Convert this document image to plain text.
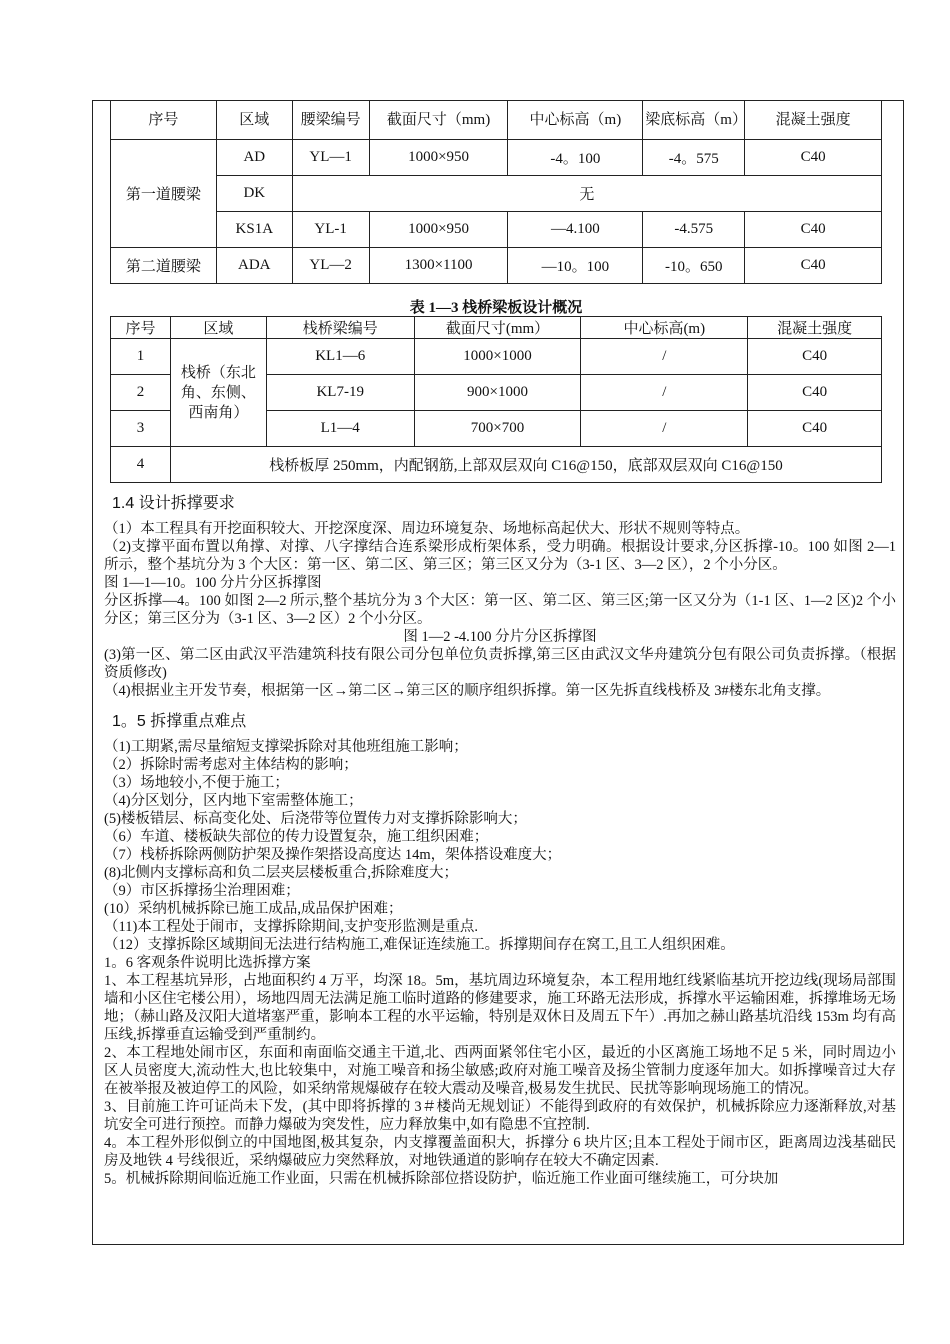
序号	区域	腰梁编号	截面尺寸（mm)	中心标高（m)	梁底标高（m）	混凝土强度
第一道腰梁	AD	YL—1	1000×950	-4。100	-4。575	C40
	DK	无				
	KS1A	YL-1	1000×950	—4.100	-4.575	C40
第二道腰梁	ADA	YL—2	1300×1100	—10。100	-10。650	C40
表 1—3 栈桥梁板设计概况
序号	区域	栈桥梁编号	截面尺寸(mm）	中心标高(m)	混凝土强度
1	栈桥（东北角、东侧、西南角）	KL1—6	1000×1000	/	C40
2		KL7-19	900×1000	/	C40
3		L1—4	700×700	/	C40
4	栈桥板厚 250mm，内配钢筋,上部双层双向 C16@150，底部双层双向 C16@150				

1.4 设计拆撑要求

（1）本工程具有开挖面积较大、开挖深度深、周边环境复杂、场地标高起伏大、形状不规则等特点。

（2)支撑平面布置以角撑、对撑、八字撑结合连系梁形成桁架体系，受力明确。根据设计要求,分区拆撑-10。100 如图 2—1 所示，整个基坑分为 3 个大区：第一区、第二区、第三区；第三区又分为（3-1 区、3—2 区），2 个小分区。

图 1—1—10。100 分片分区拆撑图

分区拆撑—4。100 如图 2—2 所示,整个基坑分为 3 个大区：第一区、第二区、第三区;第一区又分为（1-1 区、1—2 区)2 个小分区；第三区分为（3-1 区、3—2 区）2 个小分区。

图 1—2 -4.100 分片分区拆撑图

(3)第一区、第二区由武汉平浩建筑科技有限公司分包单位负责拆撑,第三区由武汉文华舟建筑分包有限公司负责拆撑。（根据资质修改)

（4)根据业主开发节奏，根据第一区→第二区→第三区的顺序组织拆撑。第一区先拆直线栈桥及 3#楼东北角支撑。

1。5 拆撑重点难点

（1)工期紧,需尽量缩短支撑梁拆除对其他班组施工影响；

（2）拆除时需考虑对主体结构的影响；

（3）场地较小,不便于施工；

（4)分区划分，区内地下室需整体施工；

(5)楼板错层、标高变化处、后浇带等位置传力对支撑拆除影响大；

（6）车道、楼板缺失部位的传力设置复杂，施工组织困难；

（7）栈桥拆除两侧防护架及操作架搭设高度达 14m，架体搭设难度大；

(8)北侧内支撑标高和负二层夹层楼板重合,拆除难度大；

（9）市区拆撑扬尘治理困难；

(10）采纳机械拆除已施工成品,成品保护困难；

（11)本工程处于闹市，支撑拆除期间,支护变形监测是重点.

（12）支撑拆除区域期间无法进行结构施工,难保证连续施工。拆撑期间存在窝工,且工人组织困难。

1。6 客观条件说明比选拆撑方案

1、本工程基坑异形，占地面积约 4 万平，均深 18。5m，基坑周边环境复杂，本工程用地红线紧临基坑开挖边线(现场局部围墙和小区住宅楼公用），场地四周无法满足施工临时道路的修建要求，施工环路无法形成，拆撑水平运输困难，拆撑堆场无场地；（赫山路及汉阳大道堵塞严重，影响本工程的水平运输，特别是双休日及周五下午）.再加之赫山路基坑沿线 153m 均有高压线,拆撑垂直运输受到严重制约。

2、本工程地处闹市区，东面和南面临交通主干道,北、西两面紧邻住宅小区，最近的小区离施工场地不足 5 米，同时周边小区人员密度大,流动性大,也比较集中，对施工噪音和扬尘敏感;政府对施工噪音及扬尘管制力度逐年加大。如拆撑噪音过大存在被举报及被迫停工的风险，如采纳常规爆破存在较大震动及噪音,极易发生扰民、民扰等影响现场施工的情况。

3、目前施工许可证尚未下发，(其中即将拆撑的 3＃楼尚无规划证）不能得到政府的有效保护，机械拆除应力逐渐释放,对基坑安全可进行预控。而静力爆破为突发性，应力释放集中,如有隐患不宜控制.

4。本工程外形似倒立的中国地图,极其复杂，内支撑覆盖面积大，拆撑分 6 块片区;且本工程处于闹市区，距离周边浅基础民房及地铁 4 号线很近，采纳爆破应力突然释放，对地铁通道的影响存在较大不确定因素.

5。机械拆除期间临近施工作业面，只需在机械拆除部位搭设防护，临近施工作业面可继续施工，可分块加
